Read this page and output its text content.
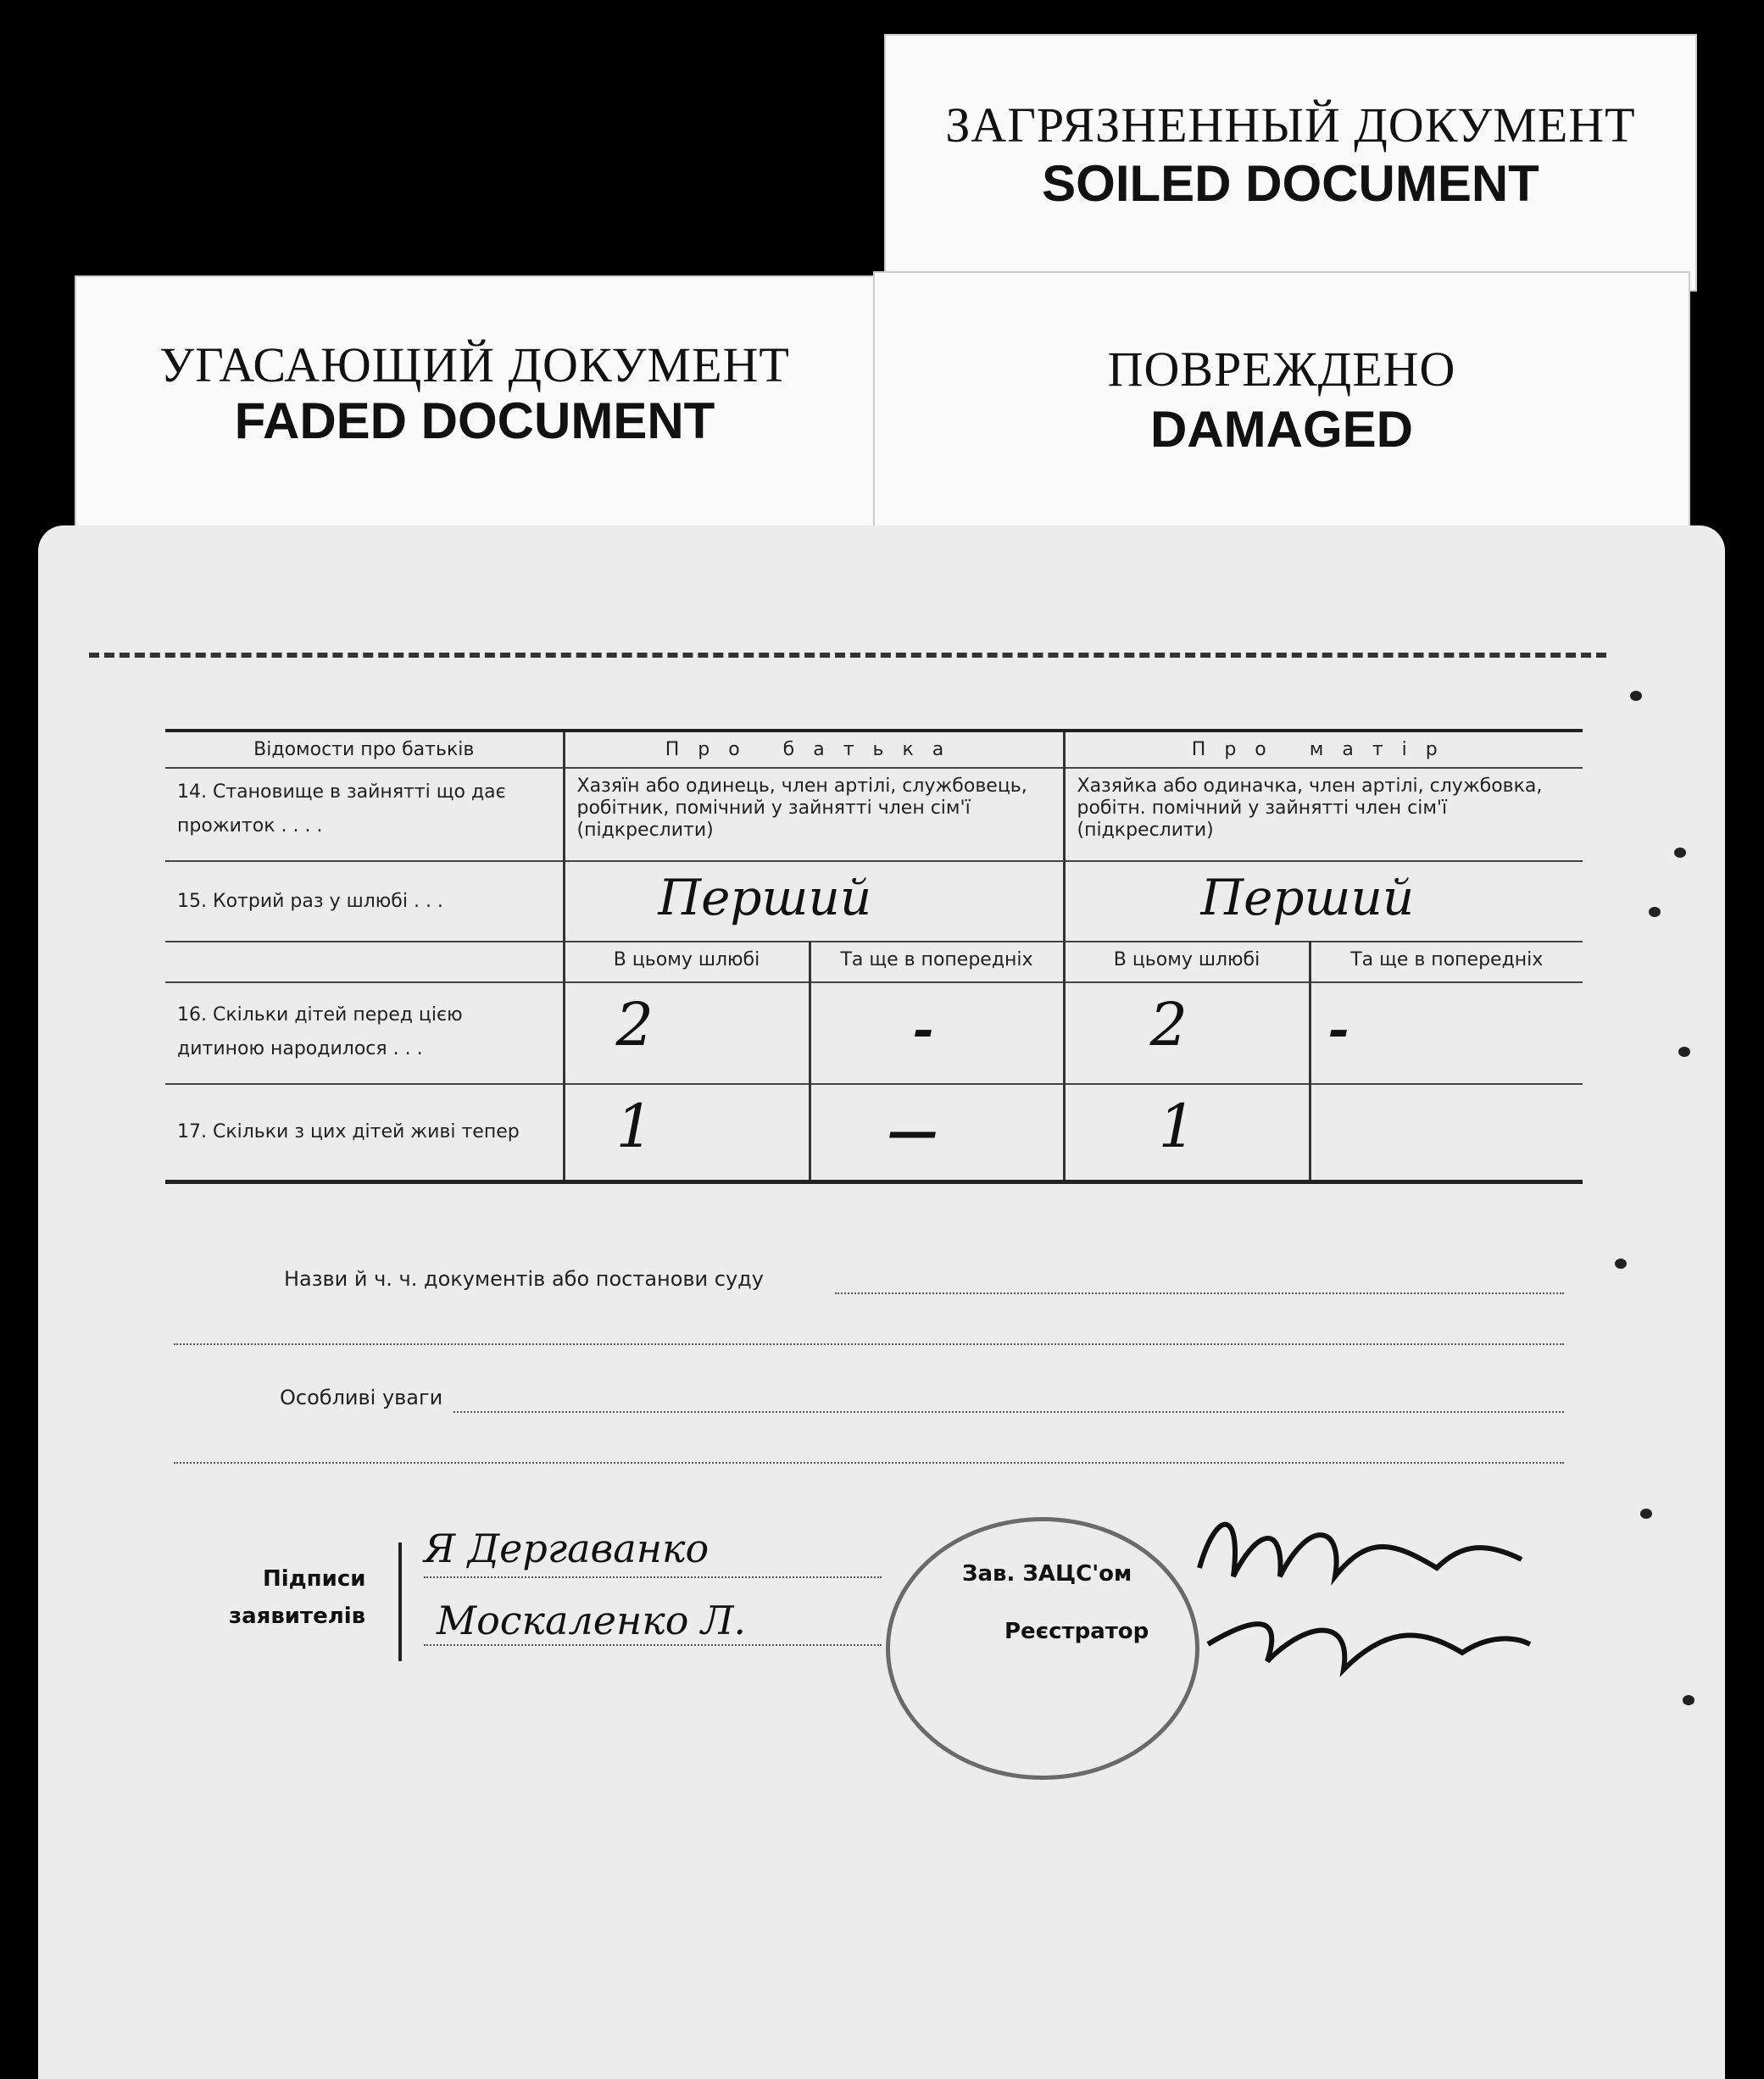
УГАСАЮЩИЙ ДОКУМЕНТ
FADED DOCUMENT
ЗАГРЯЗНЕННЫЙ ДОКУМЕНТ
SOILED DOCUMENT
ПОВРЕЖДЕНО
DAMAGED
Відомости про батьків	Про батька		Про матір	
14. Становище в зайнятті що дає прожиток . . . .	Хазяїн або одинець, член артілі, службовець, робітник, помічний у зайнятті член сім'ї (підкреслити)		Хазяйка або одиначка, член артілі, службовка, робітн. помічний у зайнятті член сім'ї (підкреслити)	
15. Котрий раз у шлюбі . . .	Перший		Перший	
	В цьому шлюбі	Та ще в попередніх	В цьому шлюбі	Та ще в попередніх
16. Скільки дітей перед цією дитиною народилося . . .	2	-	2	-
17. Скільки з цих дітей живі тепер	1	—	1	
Назви й ч. ч. документів або постанови суду
Особливі уваги
Підписи
заявителів
Я Дергаванко
Москаленко Л.
Зав. ЗАЦС'ом
Реєстратор
